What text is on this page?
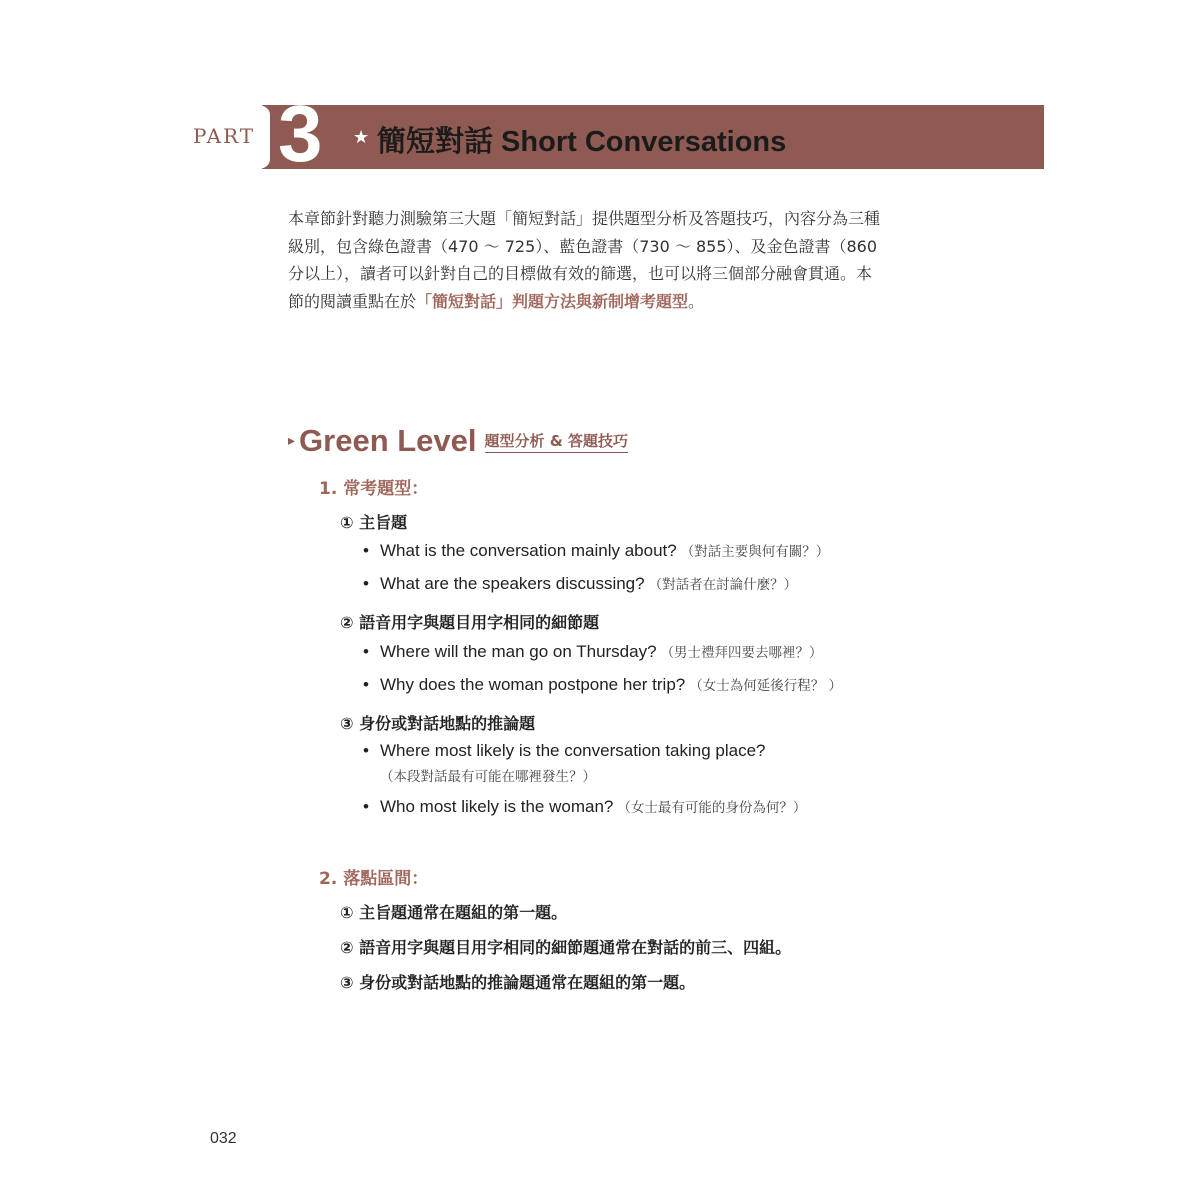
PART 3 ★ 簡短對話 Short Conversations

本章節針對聽力測驗第三大題「簡短對話」提供題型分析及答題技巧，內容分為三種

級別，包含綠色證書（470 ～ 725）、藍色證書（730 ～ 855）、及金色證書（860

分以上），讀者可以針對自己的目標做有效的篩選，也可以將三個部分融會貫通。本

節的閱讀重點在於「簡短對話」判題方法與新制增考題型。

▸ Green Level 題型分析 & 答題技巧
1. 常考題型：
① 主旨題
• What is the conversation mainly about? （對話主要與何有關？）
• What are the speakers discussing? （對話者在討論什麼？）
② 語音用字與題目用字相同的細節題
• Where will the man go on Thursday? （男士禮拜四要去哪裡？）
• Why does the woman postpone her trip? （女士為何延後行程？ ）
③ 身份或對話地點的推論題
• Where most likely is the conversation taking place?
（本段對話最有可能在哪裡發生？）
• Who most likely is the woman? （女士最有可能的身份為何？）
2. 落點區間：
① 主旨題通常在題組的第一題。
② 語音用字與題目用字相同的細節題通常在對話的前三、四組。
③ 身份或對話地點的推論題通常在題組的第一題。
032
